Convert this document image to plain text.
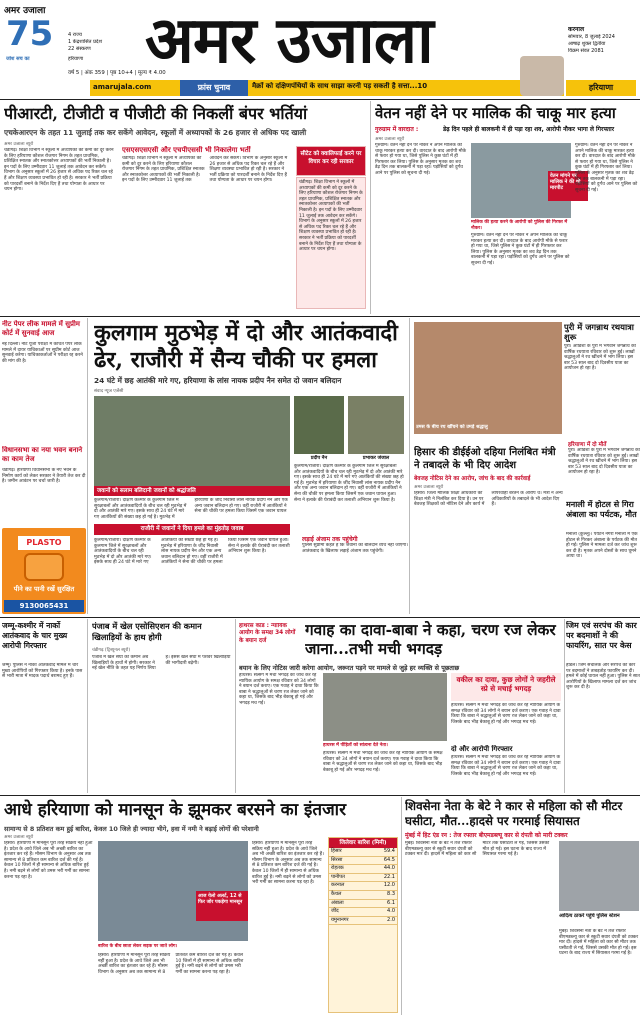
अमर उजाला
75
जोश सच का
4 राज्य
1 केंद्रशासित प्रदेश
22 संस्करण
हरियाणा
वर्ष 5 | अंक 359 | पृष्ठ 10+4 | मूल्य ₹ 4.00
अमर उजाला	करनाल
सोमवार, 8 जुलाई 2024
आषाढ़ शुक्ल द्वितीया
विक्रम संवत 2081
amarujala.com	फ्रांस चुनाव	मैक्रों को दक्षिणपंथियों के साथ साझा करनी पड़ सकती है सत्ता...10	हरियाणा
पीआरटी, टीजीटी व पीजीटी की निकलीं बंपर भर्तियां
एचकेआरएन के तहत 11 जुलाई तक कर सकेंगे आवेदन, स्कूलों में अध्यापकों के 26 हजार से अधिक पद खाली
अमर उजाला ब्यूरो
चंडीगढ़। शिक्षा विभाग ने स्कूलों में अध्यापकों की कमी को दूर करने के लिए हरियाणा कौशल रोजगार निगम के तहत प्राथमिक, प्रशिक्षित स्नातक और स्नातकोत्तर अध्यापकों की भर्ती निकाली है। इन पदों के लिए उम्मीदवार 11 जुलाई तक आवेदन कर सकेंगे। विभाग के अनुसार स्कूलों में 26 हजार से अधिक पद रिक्त चल रहे हैं और शिक्षण व्यवस्था प्रभावित हो रही है। सरकार ने भर्ती प्रक्रिया को पारदर्शी बनाने के निर्देश दिए हैं तथा योग्यता के आधार पर चयन होगा।
एसएसएसएसी और एचपीएससी भी निकालेगा भर्ती
चंडीगढ़। शिक्षा विभाग ने स्कूलों में अध्यापकों की कमी को दूर करने के लिए हरियाणा कौशल रोजगार निगम के तहत प्राथमिक, प्रशिक्षित स्नातक और स्नातकोत्तर अध्यापकों की भर्ती निकाली है। इन पदों के लिए उम्मीदवार 11 जुलाई तक आवेदन कर सकेंगे। विभाग के अनुसार स्कूलों में 26 हजार से अधिक पद रिक्त चल रहे हैं और शिक्षण व्यवस्था प्रभावित हो रही है। सरकार ने भर्ती प्रक्रिया को पारदर्शी बनाने के निर्देश दिए हैं तथा योग्यता के आधार पर चयन होगा।
सीटेट को क्वालिफाई करने पर विचार कर रही सरकार
चंडीगढ़। शिक्षा विभाग ने स्कूलों में अध्यापकों की कमी को दूर करने के लिए हरियाणा कौशल रोजगार निगम के तहत प्राथमिक, प्रशिक्षित स्नातक और स्नातकोत्तर अध्यापकों की भर्ती निकाली है। इन पदों के लिए उम्मीदवार 11 जुलाई तक आवेदन कर सकेंगे। विभाग के अनुसार स्कूलों में 26 हजार से अधिक पद रिक्त चल रहे हैं और शिक्षण व्यवस्था प्रभावित हो रही है। सरकार ने भर्ती प्रक्रिया को पारदर्शी बनाने के निर्देश दिए हैं तथा योग्यता के आधार पर चयन होगा।
वेतन नहीं देने पर मालिक की चाकू मार हत्या
गुरुग्राम में वारदात :	डेढ़ दिन पहले ही बालकनी में ही पड़ा रहा शव, आरोपी नौकर भागा ले गिरफ्तार
अमर उजाला ब्यूरो
गुरुग्राम। वेतन नहीं देने पर नौकर ने अपने मालिक की चाकू मारकर हत्या कर दी। वारदात के बाद आरोपी मौके से फरार हो गया था, जिसे पुलिस ने कुछ घंटों में ही गिरफ्तार कर लिया। पुलिस के अनुसार मृतक का शव डेढ़ दिन तक बालकनी में पड़ा रहा। पड़ोसियों को दुर्गंध आने पर पुलिस को सूचना दी गई।	वेतन मांगने पर मालिक ने की थी मारपीट
मालिक की हत्या करने के आरोपी को पुलिस की गिरफ्त में नौकर।
गुरुग्राम। वेतन नहीं देने पर नौकर ने अपने मालिक की चाकू मारकर हत्या कर दी। वारदात के बाद आरोपी मौके से फरार हो गया था, जिसे पुलिस ने कुछ घंटों में ही गिरफ्तार कर लिया। पुलिस के अनुसार मृतक का शव डेढ़ दिन तक बालकनी में पड़ा रहा। पड़ोसियों को दुर्गंध आने पर पुलिस को सूचना दी गई।
गुरुग्राम। वेतन नहीं देने पर नौकर ने अपने मालिक की चाकू मारकर हत्या कर दी। वारदात के बाद आरोपी मौके से फरार हो गया था, जिसे पुलिस ने कुछ घंटों में ही गिरफ्तार कर लिया। पुलिस के अनुसार मृतक का शव डेढ़ दिन तक बालकनी में पड़ा रहा। पड़ोसियों को दुर्गंध आने पर पुलिस को सूचना दी गई।
नीट पेपर लीक मामले में सुप्रीम कोर्ट में सुनवाई आज
नई दिल्ली। नीट यूजी परीक्षा में कथित पेपर लीक मामले में दायर याचिकाओं पर सुप्रीम कोर्ट आज सुनवाई करेगा। याचिकाकर्ताओं ने परीक्षा रद्द करने की मांग की है।
विधानसभा का नया भवन बनाने का काम तेज
चंडीगढ़। हरियाणा विधानसभा के नए भवन के निर्माण कार्य को लेकर सरकार ने तैयारी तेज कर दी है। जमीन आवंटन पर चर्चा जारी है।
PLASTO
पीने का पानी रखें सुरक्षित
9130065431
कुलगाम मुठभेड़ में दो और आतंकवादी ढेर, राजौरी में सैन्य चौकी पर हमला
24 घंटे में छह आतंकी मारे गए, हरियाणा के लांस नायक प्रदीप नैन समेत दो जवान बलिदान
संवाद न्यूज एजेंसी
जवानों को सलाम बलिदानी जवानों को श्रद्धांजलि
प्रदीप नैन	प्रभाकर जंजाल
कुलगाम/राजौरी। दक्षिण कश्मीर के कुलगाम जिले में सुरक्षाबलों और आतंकवादियों के बीच चल रही मुठभेड़ में दो और आतंकी मारे गए। इसके साथ ही 24 घंटे में मारे गए आतंकियों की संख्या छह हो गई है। मुठभेड़ में हरियाणा के जींद निवासी लांस नायक प्रदीप नैन और एक अन्य जवान बलिदान हो गए। वहीं राजौरी में आतंकियों ने सेना की चौकी पर हमला किया जिसमें एक जवान घायल हुआ। सेना ने इलाके की घेराबंदी कर तलाशी अभियान शुरू किया है।
कुलगाम/राजौरी। दक्षिण कश्मीर के कुलगाम जिले में सुरक्षाबलों और आतंकवादियों के बीच चल रही मुठभेड़ में दो और आतंकी मारे गए। इसके साथ ही 24 घंटे में मारे गए आतंकियों की संख्या छह हो गई है। मुठभेड़ में हरियाणा के जींद निवासी लांस नायक प्रदीप नैन और एक अन्य जवान बलिदान हो गए। वहीं राजौरी में आतंकियों ने सेना की चौकी पर हमला किया जिसमें एक जवान घायल
राजौरी में जवानों ने दिया हमले का मुंहतोड़ जवाब
कुलगाम/राजौरी। दक्षिण कश्मीर के कुलगाम जिले में सुरक्षाबलों और आतंकवादियों के बीच चल रही मुठभेड़ में दो और आतंकी मारे गए। इसके साथ ही 24 घंटे में मारे गए आतंकियों की संख्या छह हो गई है। मुठभेड़ में हरियाणा के जींद निवासी लांस नायक प्रदीप नैन और एक अन्य जवान बलिदान हो गए। वहीं राजौरी में आतंकियों ने सेना की चौकी पर हमला किया जिसमें एक जवान घायल हुआ। सेना ने इलाके की घेराबंदी कर तलाशी अभियान शुरू किया है।
पुरी में जगन्नाथ रथयात्रा शुरू
पुरी। ओडिशा के पुरी में भगवान जगन्नाथ की वार्षिक रथयात्रा रविवार को शुरू हुई। लाखों श्रद्धालुओं ने रथ खींचने में भाग लिया। इस बार 53 साल बाद दो दिवसीय यात्रा का आयोजन हो रहा है।
उमस के बीच रथ खींचने को उमड़े श्रद्धालु
हरियाणा में दो मौतें
पुरी। ओडिशा के पुरी में भगवान जगन्नाथ की वार्षिक रथयात्रा रविवार को शुरू हुई। लाखों श्रद्धालुओं ने रथ खींचने में भाग लिया। इस बार 53 साल बाद दो दिवसीय यात्रा का आयोजन हो रहा है।
हिसार की डीईईओ दहिया निलंबित मंत्री ने तबादले के भी दिए आदेश
बेवजह नोटिस देने का आरोप, जांच के बाद की कार्रवाई
अमर उजाला ब्यूरो
हिसार। जिला मौलिक शिक्षा अधिकारी को शिक्षा मंत्री ने निलंबित कर दिया है। उन पर बेवजह शिक्षकों को नोटिस देने और कार्य में लापरवाही बरतने के आरोप थे। मंत्री ने अन्य अधिकारियों के तबादले के भी आदेश दिए हैं।
लड़ाई अंजाम तक पहुंचेगी
पुलिस सुप्रीमो कहते हैं कि जवानों का बलिदान व्यर्थ नहीं जाएगा। आतंकवाद के खिलाफ लड़ाई अंजाम तक पहुंचेगी।
मनाली में होटल से गिरा अंबाला का पर्यटक, मौत
मनाली (कुल्लू)। पर्यटन नगरी मनाली में एक होटल से गिरकर अंबाला के पर्यटक की मौत हो गई। पुलिस ने मामला दर्ज कर जांच शुरू कर दी है। मृतक अपने दोस्तों के साथ घूमने आया था।
जम्मू-कश्मीर में नार्को आतंकवाद के चार मुख्य आरोपी गिरफ्तार
जम्मू। पुलिस ने नार्को आतंकवाद मामले में चार मुख्य आरोपियों को गिरफ्तार किया है। इनके पास से भारी मात्रा में मादक पदार्थ बरामद हुए हैं।
पंजाब में खेल एसोसिएशन की कमान खिलाड़ियों के हाथ होगी
चंडीगढ़ (ट्रिब्यूनल ब्यूरो)
पंजाब में खेल संघों की कमान अब खिलाड़ियों के हाथों में होगी। सरकार ने नई खेल नीति के तहत यह निर्णय लिया है। इससे खेल संघों में पेशेवर खिलाड़ियों की भागीदारी बढ़ेगी।
हाथरस कांड : न्यायिक आयोग के समक्ष 34 लोगों के बयान दर्ज
गवाह का दावा-बाबा ने कहा, चरण रज लेकर जाना...तभी मची भगदड़
बयान के लिए नोटिस जारी करेगा आयोग, जरूरत पड़ने पर मामले से जुड़े हर व्यक्ति से पूछताछ
हाथरस। सत्संग में मची भगदड़ की जांच कर रहे न्यायिक आयोग के समक्ष रविवार को 34 लोगों ने बयान दर्ज कराए। एक गवाह ने दावा किया कि बाबा ने श्रद्धालुओं से चरण रज लेकर जाने को कहा था, जिसके बाद भीड़ बेकाबू हो गई और भगदड़ मच गई।
हाथरस में पीड़ितों को सांत्वना देते नेता।
हाथरस। सत्संग में मची भगदड़ की जांच कर रहे न्यायिक आयोग के समक्ष रविवार को 34 लोगों ने बयान दर्ज कराए। एक गवाह ने दावा किया कि बाबा ने श्रद्धालुओं से चरण रज लेकर जाने को कहा था, जिसके बाद भीड़ बेकाबू हो गई और भगदड़ मच गई।
वकील का दावा, कुछ लोगों ने जहरीले स्प्रे से मचाई भगदड़
हाथरस। सत्संग में मची भगदड़ की जांच कर रहे न्यायिक आयोग के समक्ष रविवार को 34 लोगों ने बयान दर्ज कराए। एक गवाह ने दावा किया कि बाबा ने श्रद्धालुओं से चरण रज लेकर जाने को कहा था, जिसके बाद भीड़ बेकाबू हो गई और भगदड़ मच गई।
दो और आरोपी गिरफ्तार
हाथरस। सत्संग में मची भगदड़ की जांच कर रहे न्यायिक आयोग के समक्ष रविवार को 34 लोगों ने बयान दर्ज कराए। एक गवाह ने दावा किया कि बाबा ने श्रद्धालुओं से चरण रज लेकर जाने को कहा था, जिसके बाद भीड़ बेकाबू हो गई और भगदड़ मच गई।
जिम एवं सरपंच की कार पर बदमाशों ने की फायरिंग, सात पर केस
होडल। जिम संचालक और सरपंच की कार पर बदमाशों ने ताबड़तोड़ फायरिंग कर दी। हमले में कोई घायल नहीं हुआ। पुलिस ने सात आरोपियों के खिलाफ मामला दर्ज कर जांच शुरू कर दी है।
आधे हरियाणा को मानसून के झूमकर बरसने का इंतजार
सामान्य से 8 प्रतिशत कम हुई बारिश, केवल 10 जिले ही ज्यादा भीगे, हवा में नमी ने बढ़ाई लोगों की परेशानी
अमर उजाला ब्यूरो
हिसार। हरियाणा में मानसून पूरी तरह सक्रिय नहीं हुआ है। प्रदेश के आधे जिले अब भी अच्छी बारिश का इंतजार कर रहे हैं। मौसम विभाग के अनुसार अब तक सामान्य से 8 प्रतिशत कम बारिश दर्ज की गई है। केवल 10 जिलों में ही सामान्य से अधिक बारिश हुई है। नमी बढ़ने से लोगों को उमस भरी गर्मी का सामना करना पड़ रहा है।
बारिश के बीच छाता लेकर सड़क पर जाते लोग।
हिसार। हरियाणा में मानसून पूरी तरह सक्रिय नहीं हुआ है। प्रदेश के आधे जिले अब भी अच्छी बारिश का इंतजार कर रहे हैं। मौसम विभाग के अनुसार अब तक सामान्य से 8 प्रतिशत कम बारिश दर्ज की गई है। केवल 10 जिलों में ही सामान्य से अधिक बारिश हुई है। नमी बढ़ने से लोगों को उमस भरी गर्मी का सामना करना पड़ रहा है।
आज येलो अलर्ट, 12 से फिर जोर पकड़ेगा मानसून
हिसार। हरियाणा में मानसून पूरी तरह सक्रिय नहीं हुआ है। प्रदेश के आधे जिले अब भी अच्छी बारिश का इंतजार कर रहे हैं। मौसम विभाग के अनुसार अब तक सामान्य से 8 प्रतिशत कम बारिश दर्ज की गई है। केवल 10 जिलों में ही सामान्य से अधिक बारिश हुई है। नमी बढ़ने से लोगों को उमस भरी गर्मी का सामना करना पड़ रहा है।
जिलेवार बारिश (मिमी)
हिसार	59.4
सिरसा	64.5
रोहतक	44.0
पानीपत	22.1
करनाल	12.0
कैथल	8.3
अंबाला	6.1
जींद	4.0
यमुनानगर	2.0
शिवसेना नेता के बेटे ने कार से महिला को सौ मीटर घसीटा, मौत...हादसे पर गरमाई सियासत
मुंबई में हिट एंड रन : तेज रफ्तार बीएमडब्ल्यू कार से दंपती को मारी टक्कर
मुंबई। शिवसेना नेता के बेटे ने तेज रफ्तार बीएमडब्ल्यू कार से स्कूटी सवार दंपती को टक्कर मार दी। हादसे में महिला को कार सौ मीटर तक घसीटती ले गई, जिससे उसकी मौत हो गई। इस घटना के बाद राज्य में सियासत गरमा गई है।
आदित्य ठाकरे पहुंचे पुलिस स्टेशन
मुंबई। शिवसेना नेता के बेटे ने तेज रफ्तार बीएमडब्ल्यू कार से स्कूटी सवार दंपती को टक्कर मार दी। हादसे में महिला को कार सौ मीटर तक घसीटती ले गई, जिससे उसकी मौत हो गई। इस घटना के बाद राज्य में सियासत गरमा गई है।
